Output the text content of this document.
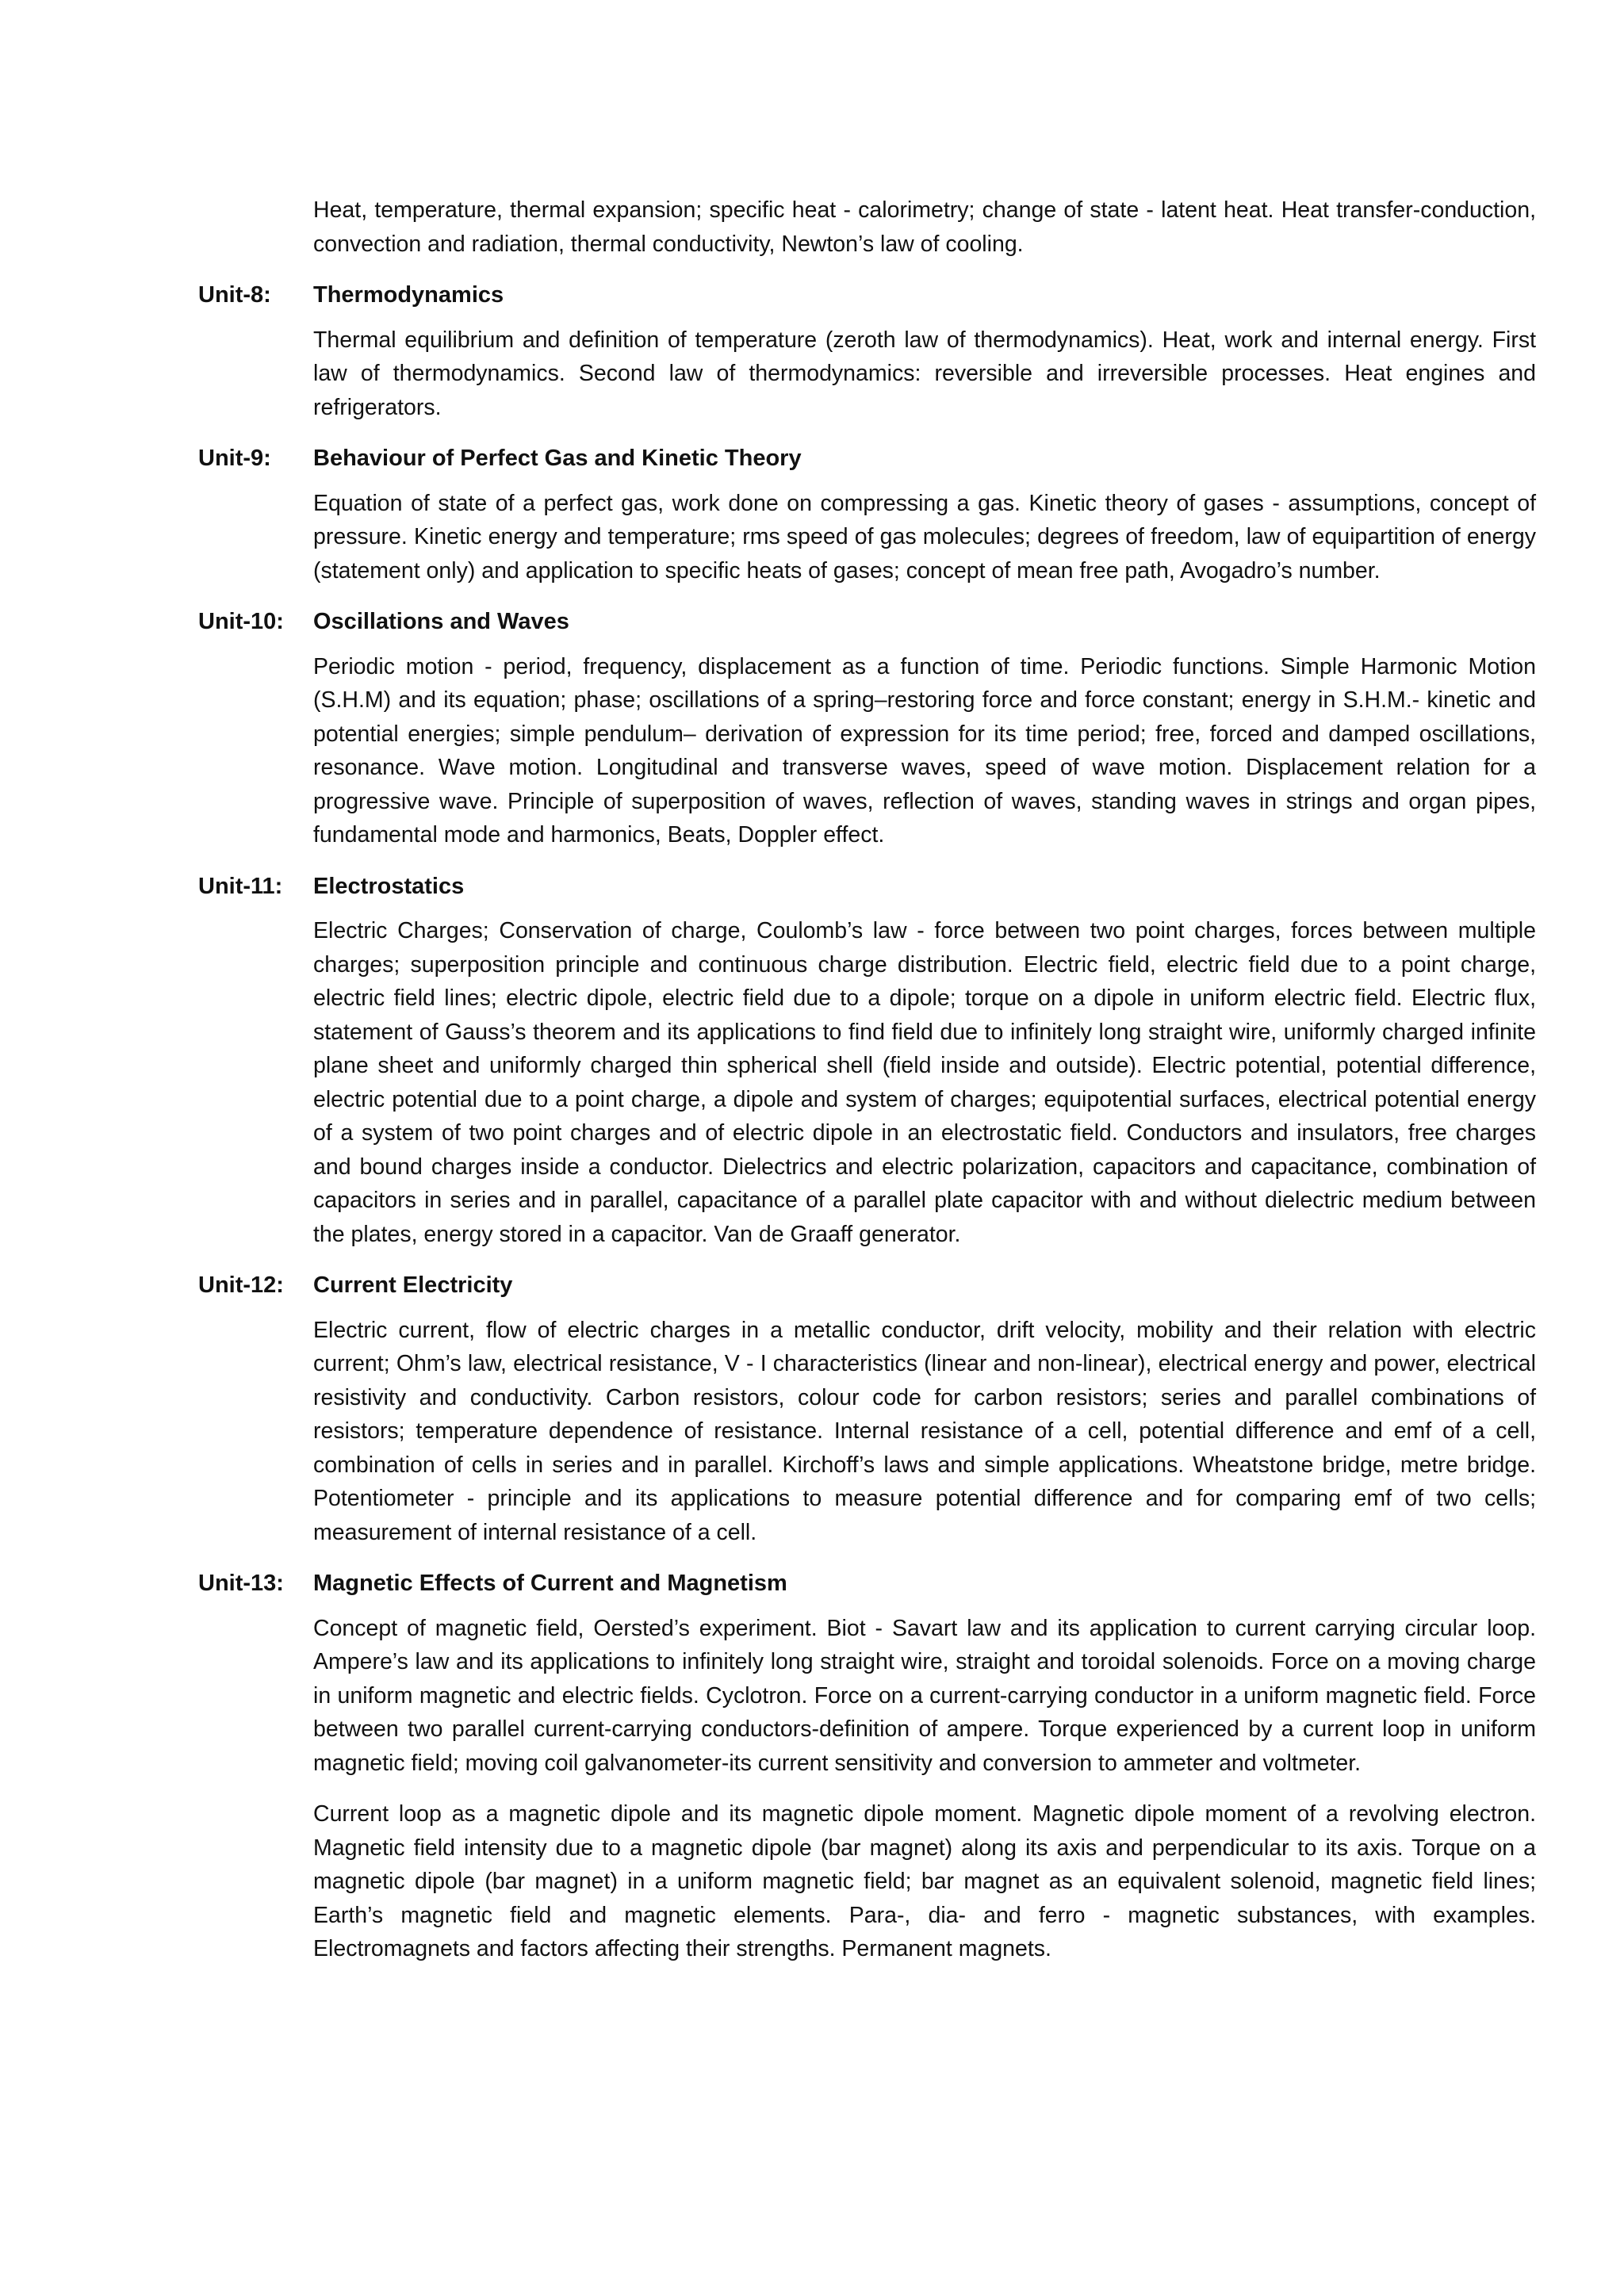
Heat, temperature, thermal expansion; specific heat - calorimetry; change of state - latent heat. Heat transfer-conduction, convection and radiation, thermal conductivity, Newton’s law of cooling.

Unit-8:	Thermodynamics

Thermal equilibrium and definition of temperature (zeroth law of thermodynamics). Heat, work and internal energy. First law of thermodynamics. Second law of thermodynamics: reversible and irreversible processes. Heat engines and refrigerators.

Unit-9:	Behaviour of Perfect Gas and Kinetic Theory

Equation of state of a perfect gas, work done on compressing a gas. Kinetic theory of gases - assumptions, concept of pressure. Kinetic energy and temperature; rms speed of gas molecules; degrees of freedom, law of equipartition of energy (statement only) and application to specific heats of gases; concept of mean free path, Avogadro’s number.

Unit-10:	Oscillations and Waves

Periodic motion - period, frequency, displacement as a function of time. Periodic functions. Simple Harmonic Motion (S.H.M) and its equation; phase; oscillations of a spring–restoring force and force constant; energy in S.H.M.- kinetic and potential energies; simple pendulum– derivation of expression for its time period; free, forced and damped oscillations, resonance. Wave motion. Longitudinal and transverse waves, speed of wave motion. Displacement relation for a progressive wave. Principle of superposition of waves, reflection of waves, standing waves in strings and organ pipes, fundamental mode and harmonics, Beats, Doppler effect.

Unit-11:	Electrostatics

Electric Charges; Conservation of charge, Coulomb’s law - force between two point charges, forces between multiple charges; superposition principle and continuous charge distribution. Electric field, electric field due to a point charge, electric field lines; electric dipole, electric field due to a dipole; torque on a dipole in uniform electric field. Electric flux, statement of Gauss’s theorem and its applications to find field due to infinitely long straight wire, uniformly charged infinite plane sheet and uniformly charged thin spherical shell (field inside and outside). Electric potential, potential difference, electric potential due to a point charge, a dipole and system of charges; equipotential surfaces, electrical potential energy of a system of two point charges and of electric dipole in an electrostatic field. Conductors and insulators, free charges and bound charges inside a conductor. Dielectrics and electric polarization, capacitors and capacitance, combination of capacitors in series and in parallel, capacitance of a parallel plate capacitor with and without dielectric medium between the plates, energy stored in a capacitor. Van de Graaff generator.

Unit-12:	Current Electricity

Electric current, flow of electric charges in a metallic conductor, drift velocity, mobility and their relation with electric current; Ohm’s law, electrical resistance, V - I characteristics (linear and non-linear), electrical energy and power, electrical resistivity and conductivity. Carbon resistors, colour code for carbon resistors; series and parallel combinations of resistors; temperature dependence of resistance. Internal resistance of a cell, potential difference and emf of a cell, combination of cells in series and in parallel. Kirchoff’s laws and simple applications. Wheatstone bridge, metre bridge. Potentiometer - principle and its applications to measure potential difference and for comparing emf of two cells; measurement of internal resistance of a cell.

Unit-13:	Magnetic Effects of Current and Magnetism

Concept of magnetic field, Oersted’s experiment. Biot - Savart law and its application to current carrying circular loop. Ampere’s law and its applications to infinitely long straight wire, straight and toroidal solenoids. Force on a moving charge in uniform magnetic and electric fields. Cyclotron. Force on a current-carrying conductor in a uniform magnetic field. Force between two parallel current-carrying conductors-definition of ampere. Torque experienced by a current loop in uniform magnetic field; moving coil galvanometer-its current sensitivity and conversion to ammeter and voltmeter.

Current loop as a magnetic dipole and its magnetic dipole moment. Magnetic dipole moment of a revolving electron. Magnetic field intensity due to a magnetic dipole (bar magnet) along its axis and perpendicular to its axis. Torque on a magnetic dipole (bar magnet) in a uniform magnetic field; bar magnet as an equivalent solenoid, magnetic field lines; Earth’s magnetic field and magnetic elements. Para-, dia- and ferro - magnetic substances, with examples. Electromagnets and factors affecting their strengths. Permanent magnets.
